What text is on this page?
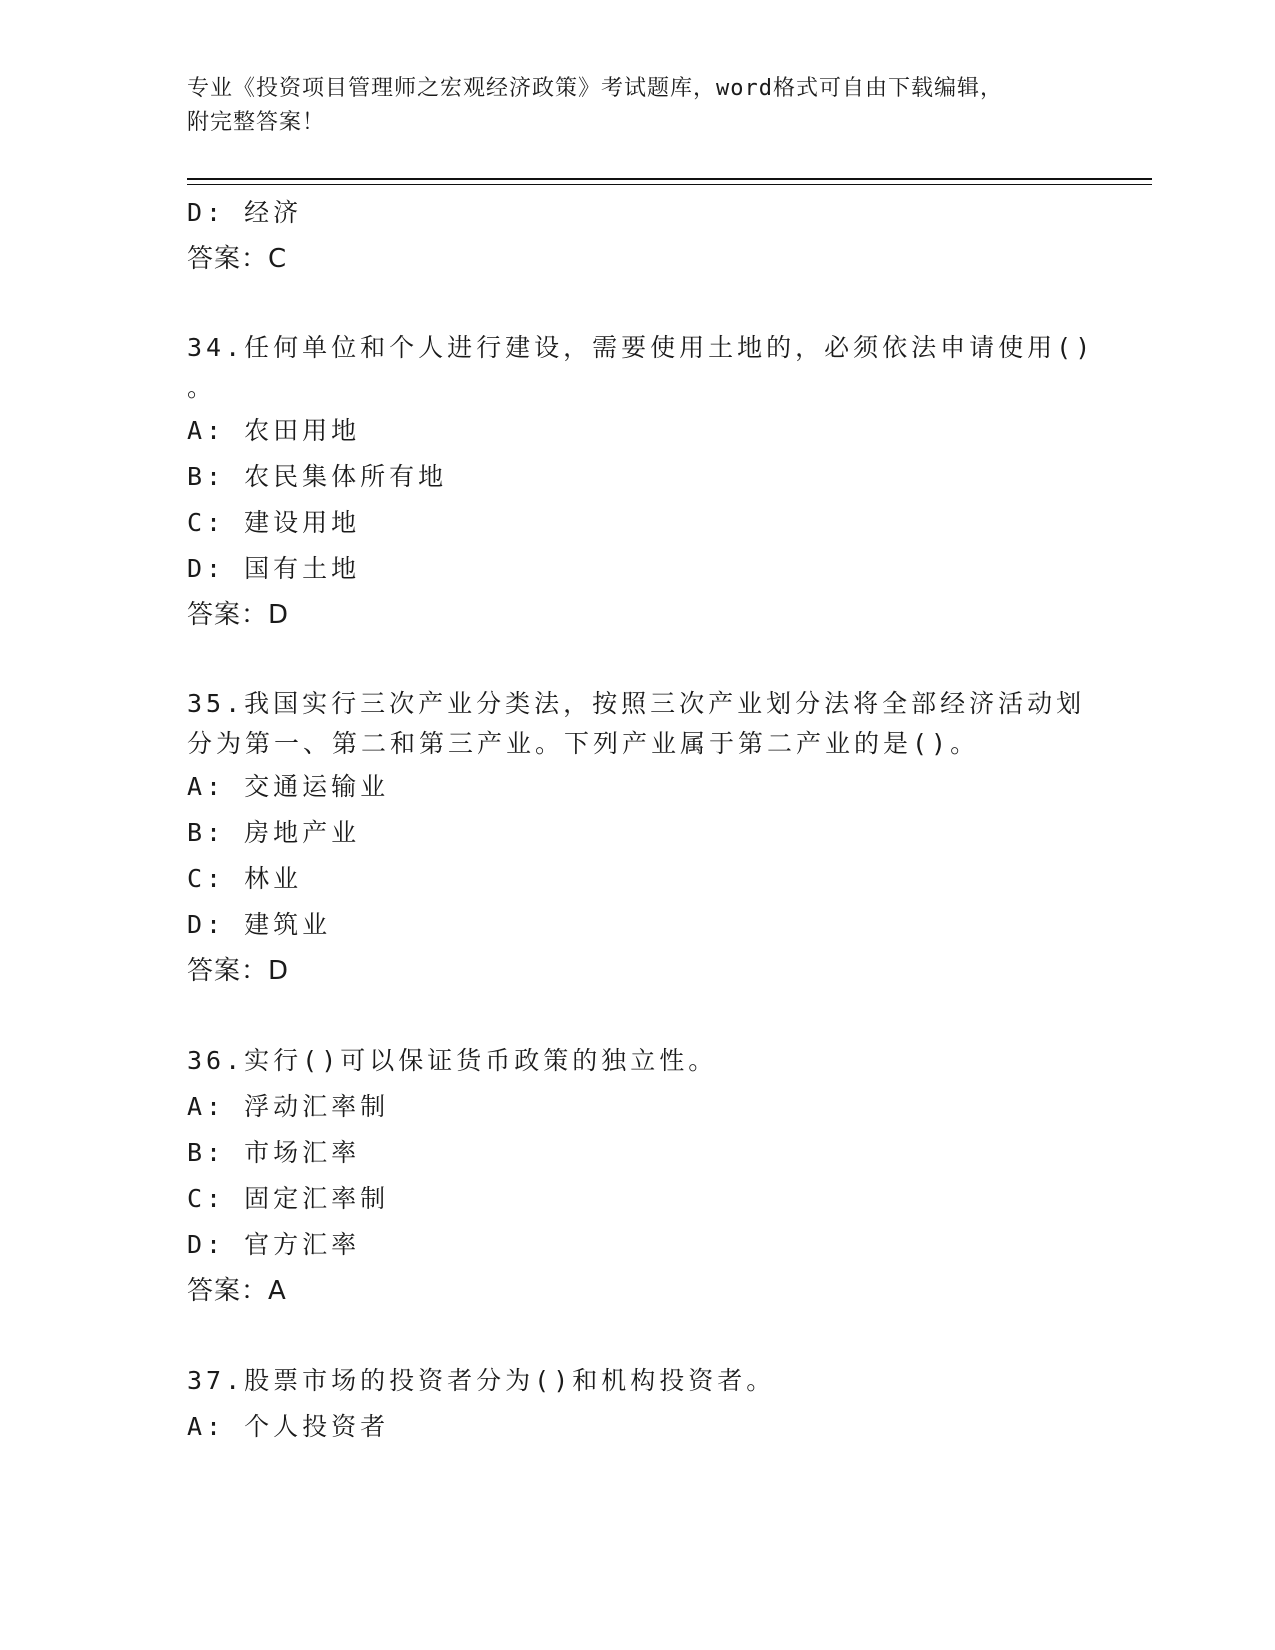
专业《投资项目管理师之宏观经济政策》考试题库，word格式可自由下载编辑，
附完整答案！
D: 经济
答案：C
34.任何单位和个人进行建设，需要使用土地的，必须依法申请使用()
。
A: 农田用地
B: 农民集体所有地
C: 建设用地
D: 国有土地
答案：D
35.我国实行三次产业分类法，按照三次产业划分法将全部经济活动划
分为第一、第二和第三产业。下列产业属于第二产业的是()。
A: 交通运输业
B: 房地产业
C: 林业
D: 建筑业
答案：D
36.实行()可以保证货币政策的独立性。
A: 浮动汇率制
B: 市场汇率
C: 固定汇率制
D: 官方汇率
答案：A
37.股票市场的投资者分为()和机构投资者。
A: 个人投资者
